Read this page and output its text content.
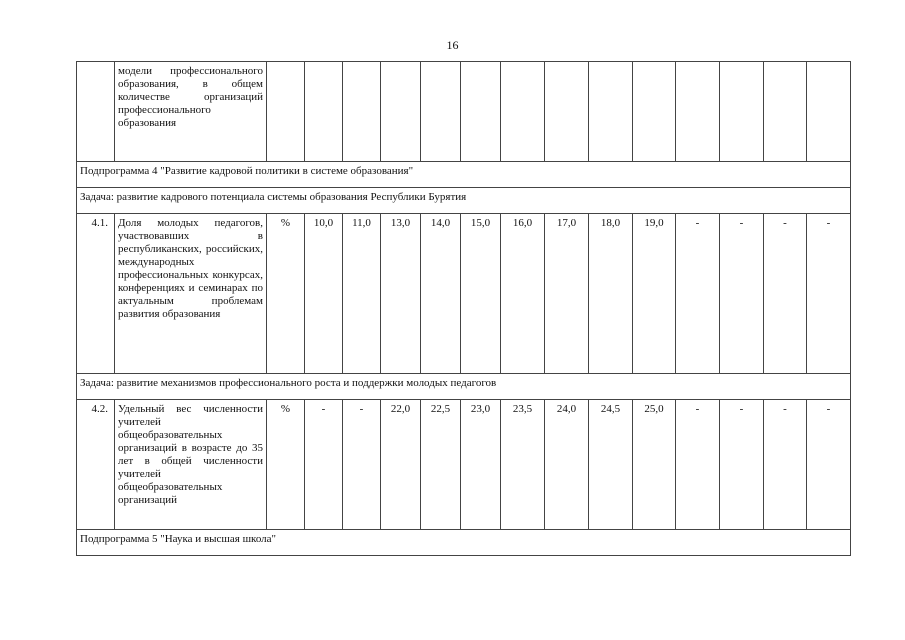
16
	модели профессионального образования, в общем количестве организаций профессионального образования														
Подпрограмма 4 "Развитие кадровой политики в системе образования"															
Задача: развитие кадрового потенциала системы образования Республики Бурятия															
4.1.	Доля молодых педагогов, участвовавших в республиканских, российских, международных профессиональных конкурсах, конференциях и семинарах по актуальным проблемам развития образования	%	10,0	11,0	13,0	14,0	15,0	16,0	17,0	18,0	19,0	-	-	-	-
Задача: развитие механизмов профессионального роста и поддержки молодых педагогов															
4.2.	Удельный вес численности учителей общеобразовательных организаций в возрасте до 35 лет в общей численности учителей общеобразовательных организаций	%	-	-	22,0	22,5	23,0	23,5	24,0	24,5	25,0	-	-	-	-
Подпрограмма 5 "Наука и высшая школа"															
